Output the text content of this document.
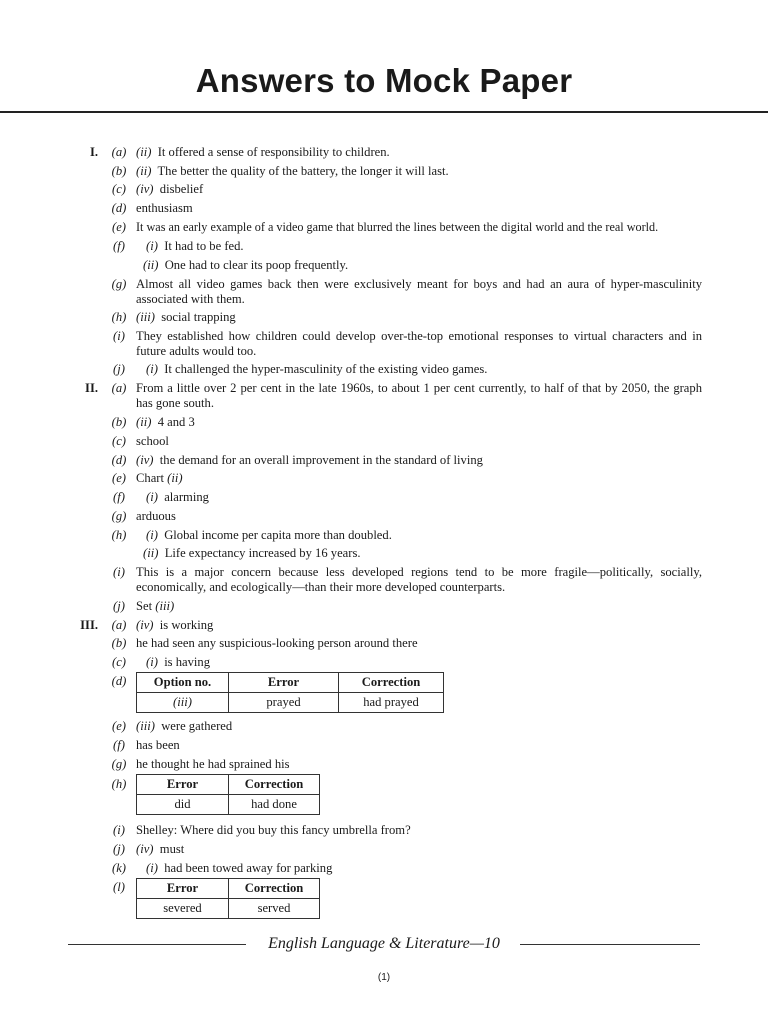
Answers to Mock Paper
I. (a) (ii) It offered a sense of responsibility to children.
(b) (ii) The better the quality of the battery, the longer it will last.
(c) (iv) disbelief
(d) enthusiasm
(e) It was an early example of a video game that blurred the lines between the digital world and the real world.
(f)	(i) It had to be fed.
(ii) One had to clear its poop frequently.
(g) Almost all video games back then were exclusively meant for boys and had an aura of hyper-masculinity associated with them.
(h) (iii) social trapping
(i) They established how children could develop over-the-top emotional responses to virtual characters and in future adults would too.
(j)	(i) It challenged the hyper-masculinity of the existing video games.
II. (a) From a little over 2 per cent in the late 1960s, to about 1 per cent currently, to half of that by 2050, the graph has gone south.
(b) (ii) 4 and 3
(c) school
(d) (iv) the demand for an overall improvement in the standard of living
(e) Chart (ii)
(f)	(i) alarming
(g) arduous
(h) (i) Global income per capita more than doubled.
(ii) Life expectancy increased by 16 years.
(i) This is a major concern because less developed regions tend to be more fragile—politically, socially, economically, and ecologically—than their more developed counterparts.
(j) Set (iii)
III. (a) (iv) is working
(b) he had seen any suspicious-looking person around there
(c)	(i) is having
(d) Option no.	Error	Correction
(iii)	prayed	had prayed
(e) (iii) were gathered
(f) has been
(g) he thought he had sprained his
(h)	Error	Correction
did	had done
(i) Shelley: Where did you buy this fancy umbrella from?
(j) (iv) must
(k)	(i) had been towed away for parking
(l)	Error	Correction
severed	served
English Language & Literature—10
(1)
